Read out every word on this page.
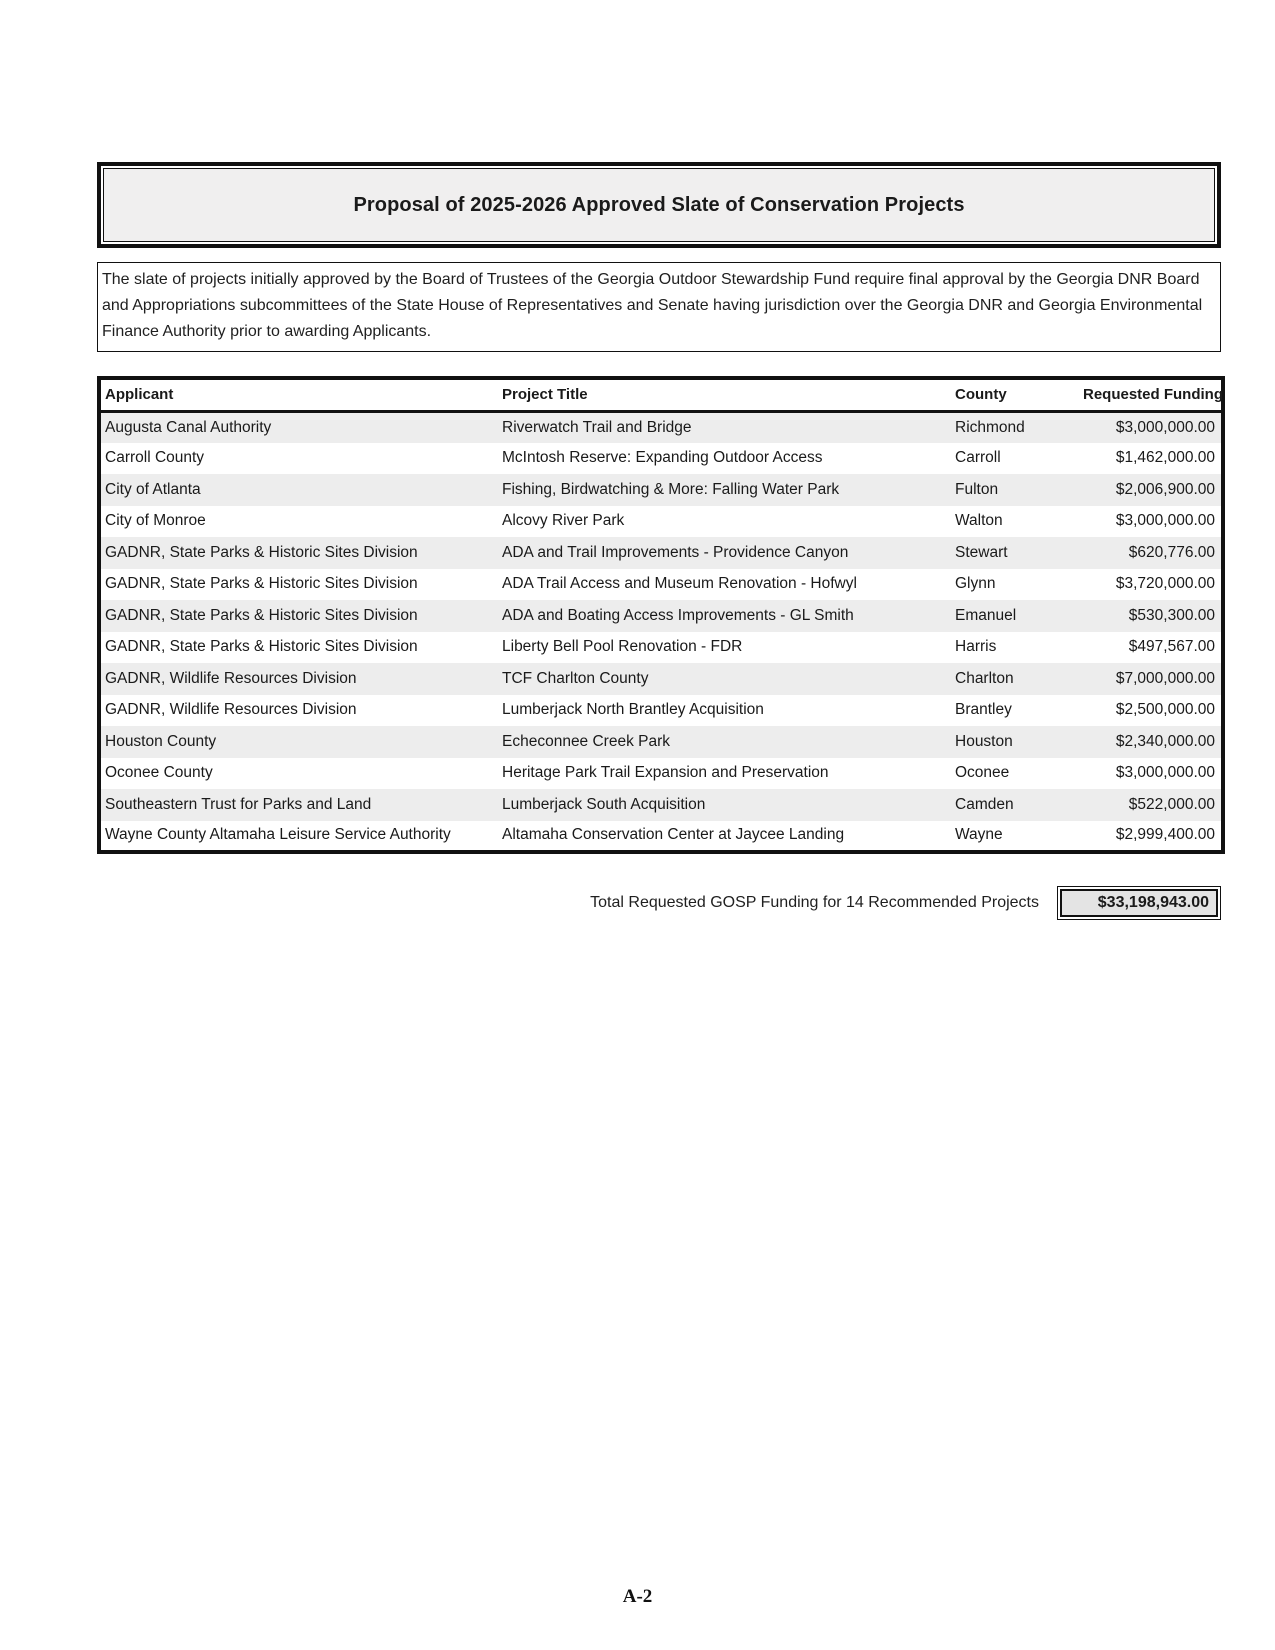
Proposal of 2025-2026 Approved Slate of Conservation Projects
The slate of projects initially approved by the Board of Trustees of the Georgia Outdoor Stewardship Fund require final approval by the Georgia DNR Board and Appropriations subcommittees of the State House of Representatives and Senate having jurisdiction over the Georgia DNR and Georgia Environmental Finance Authority prior to awarding Applicants.
Applicant	Project Title	County	Requested Funding
Augusta Canal Authority	Riverwatch Trail and Bridge	Richmond	$3,000,000.00
Carroll County	McIntosh Reserve: Expanding Outdoor Access	Carroll	$1,462,000.00
City of Atlanta	Fishing, Birdwatching & More: Falling Water Park	Fulton	$2,006,900.00
City of Monroe	Alcovy River Park	Walton	$3,000,000.00
GADNR, State Parks & Historic Sites Division	ADA and Trail Improvements - Providence Canyon	Stewart	$620,776.00
GADNR, State Parks & Historic Sites Division	ADA Trail Access and Museum Renovation - Hofwyl	Glynn	$3,720,000.00
GADNR, State Parks & Historic Sites Division	ADA and Boating Access Improvements - GL Smith	Emanuel	$530,300.00
GADNR, State Parks & Historic Sites Division	Liberty Bell Pool Renovation - FDR	Harris	$497,567.00
GADNR, Wildlife Resources Division	TCF Charlton County	Charlton	$7,000,000.00
GADNR, Wildlife Resources Division	Lumberjack North Brantley Acquisition	Brantley	$2,500,000.00
Houston County	Echeconnee Creek Park	Houston	$2,340,000.00
Oconee County	Heritage Park Trail Expansion and Preservation	Oconee	$3,000,000.00
Southeastern Trust for Parks and Land	Lumberjack South Acquisition	Camden	$522,000.00
Wayne County Altamaha Leisure Service Authority	Altamaha Conservation Center at Jaycee Landing	Wayne	$2,999,400.00
Total Requested GOSP Funding for 14 Recommended Projects	$33,198,943.00
A-2
